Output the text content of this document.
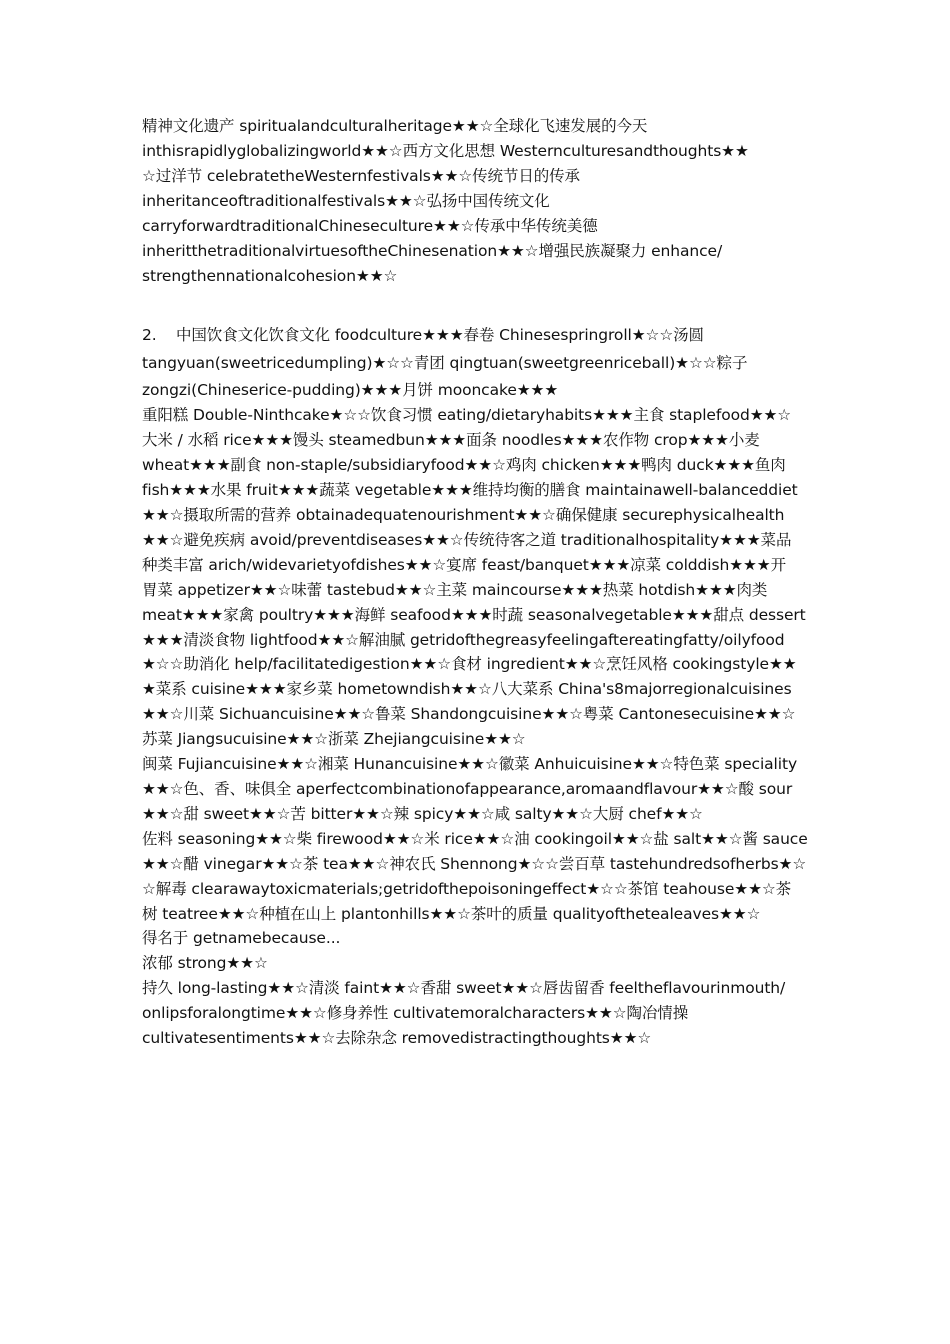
精神文化遗产 spiritualandculturalheritage★★☆全球化飞速发展的今天
inthisrapidlyglobalizingworld★★☆西方文化思想 Westernculturesandthoughts★★
☆过洋节 celebratetheWesternfestivals★★☆传统节日的传承
inheritanceoftraditionalfestivals★★☆弘扬中国传统文化
carryforwardtraditionalChineseculture★★☆传承中华传统美德
inheritthetraditionalvirtuesoftheChinesenation★★☆增强民族凝聚力 enhance/
strengthennationalcohesion★★☆
2. 中国饮食文化饮食文化 foodculture★★★春卷 Chinesespringroll★☆☆汤圆
tangyuan(sweetricedumpling)★☆☆青团 qingtuan(sweetgreenriceball)★☆☆粽子
zongzi(Chineserice-pudding)★★★月饼 mooncake★★★
重阳糕 Double-Ninthcake★☆☆饮食习惯 eating/dietaryhabits★★★主食 staplefood★★☆
大米 / 水稻 rice★★★馒头 steamedbun★★★面条 noodles★★★农作物 crop★★★小麦
wheat★★★副食 non-staple/subsidiaryfood★★☆鸡肉 chicken★★★鸭肉 duck★★★鱼肉
fish★★★水果 fruit★★★蔬菜 vegetable★★★维持均衡的膳食 maintainawell-balanceddiet
★★☆摄取所需的营养 obtainadequatenourishment★★☆确保健康 securephysicalhealth
★★☆避免疾病 avoid/preventdiseases★★☆传统待客之道 traditionalhospitality★★★菜品
种类丰富 arich/widevarietyofdishes★★☆宴席 feast/banquet★★★凉菜 colddish★★★开
胃菜 appetizer★★☆味蕾 tastebud★★☆主菜 maincourse★★★热菜 hotdish★★★肉类
meat★★★家禽 poultry★★★海鲜 seafood★★★时蔬 seasonalvegetable★★★甜点 dessert
★★★清淡食物 lightfood★★☆解油腻 getridofthegreasyfeelingaftereatingfatty/oilyfood
★☆☆助消化 help/facilitatedigestion★★☆食材 ingredient★★☆烹饪风格 cookingstyle★★
★菜系 cuisine★★★家乡菜 hometowndish★★☆八大菜系 China's8majorregionalcuisines
★★☆川菜 Sichuancuisine★★☆鲁菜 Shandongcuisine★★☆粤菜 Cantonesecuisine★★☆
苏菜 Jiangsucuisine★★☆浙菜 Zhejiangcuisine★★☆
闽菜 Fujiancuisine★★☆湘菜 Hunancuisine★★☆徽菜 Anhuicuisine★★☆特色菜 speciality
★★☆色、香、味俱全 aperfectcombinationofappearance,aromaandflavour★★☆酸 sour
★★☆甜 sweet★★☆苦 bitter★★☆辣 spicy★★☆咸 salty★★☆大厨 chef★★☆
佐料 seasoning★★☆柴 firewood★★☆米 rice★★☆油 cookingoil★★☆盐 salt★★☆酱 sauce
★★☆醋 vinegar★★☆茶 tea★★☆神农氏 Shennong★☆☆尝百草 tastehundredsofherbs★☆
☆解毒 clearawaytoxicmaterials;getridofthepoisoningeffect★☆☆茶馆 teahouse★★☆茶
树 teatree★★☆种植在山上 plantonhills★★☆茶叶的质量 qualityofthetealeaves★★☆
得名于 getnamebecause...
浓郁 strong★★☆
持久 long-lasting★★☆清淡 faint★★☆香甜 sweet★★☆唇齿留香 feeltheflavourinmouth/
onlipsforalongtime★★☆修身养性 cultivatemoralcharacters★★☆陶冶情操
cultivatesentiments★★☆去除杂念 removedistractingthoughts★★☆
